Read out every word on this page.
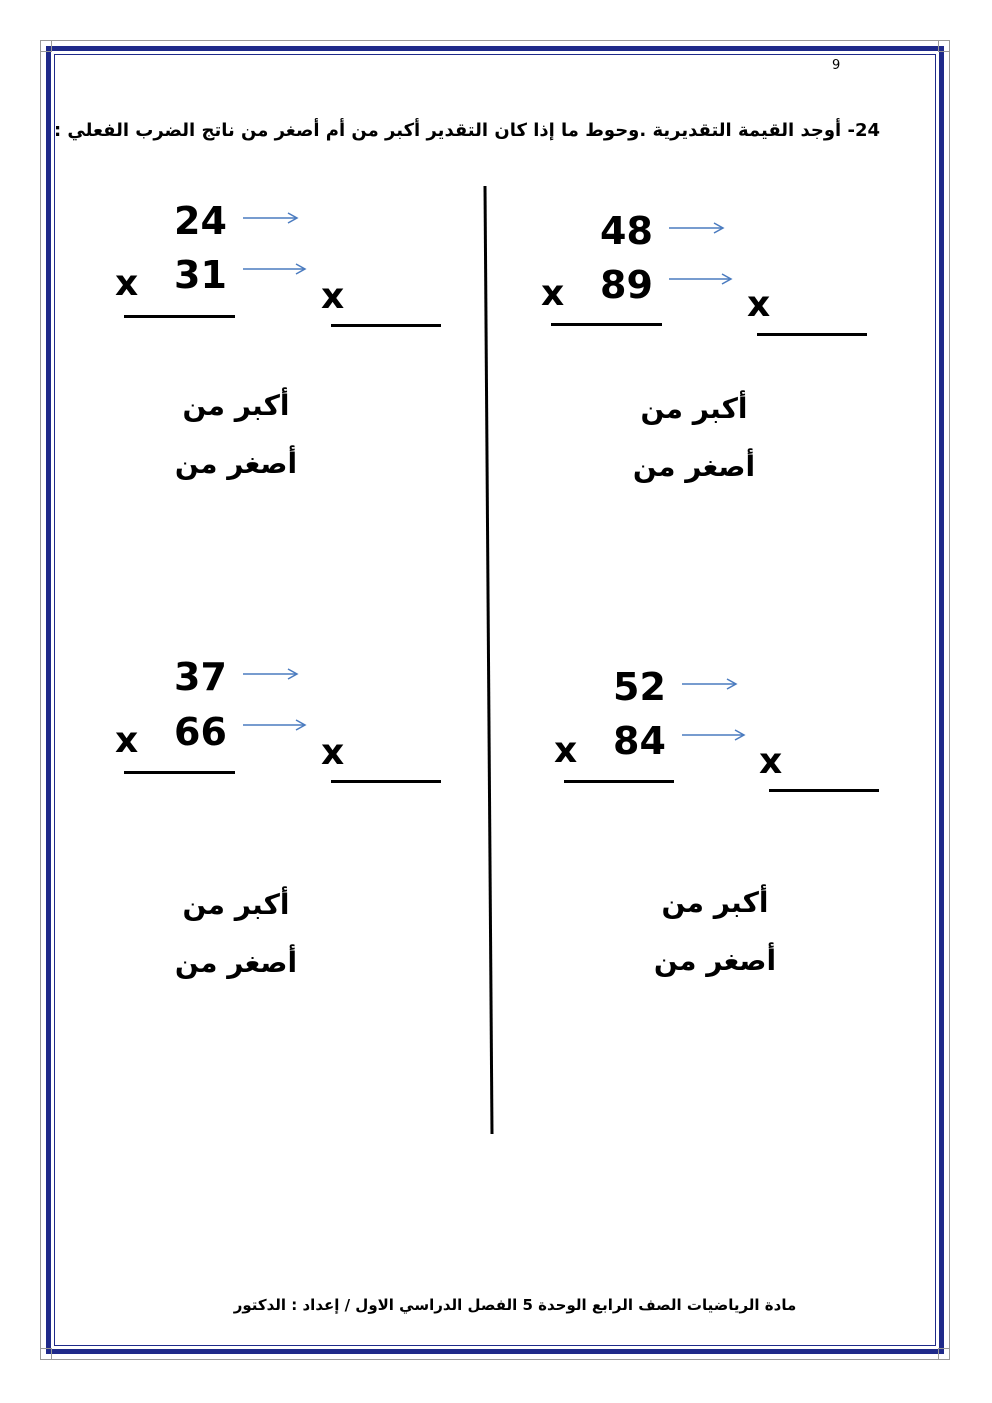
9
24- أوجد القيمة التقديرية .وحوط ما إذا كان التقدير أكبر من أم أصغر من ناتج الضرب الفعلي :
48
89
x	x
أكبر من
أصغر من
24
31
x	x
أكبر من
أصغر من
52
84
x	x
أكبر من
أصغر من
37
66
x	x
أكبر من
أصغر من
مادة الرياضيات الصف الرابع الوحدة 5 الفصل الدراسي الاول / إعداد : الدكتور
